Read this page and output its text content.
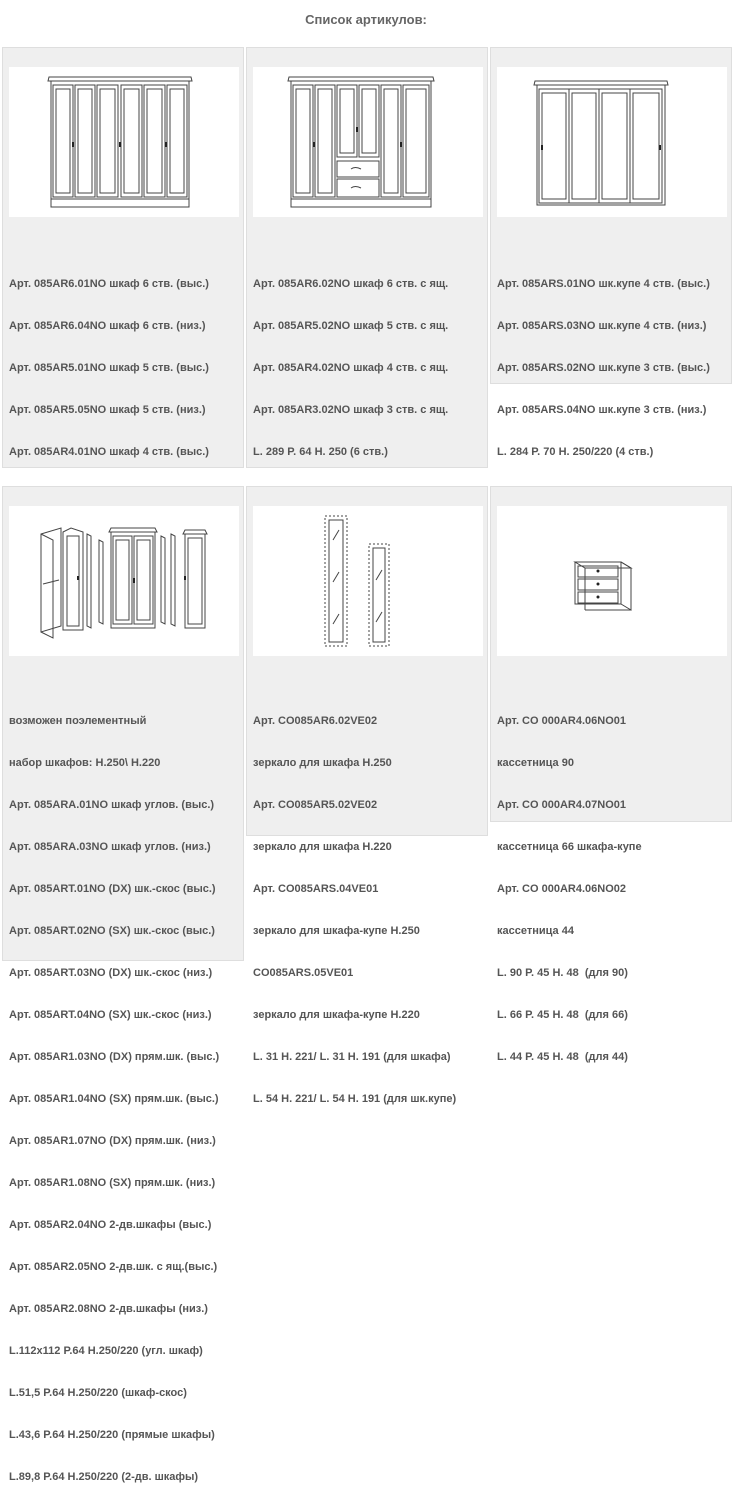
Список артикулов:

Арт. 085AR6.01NO шкаф 6 ств. (выс.)

Арт. 085AR6.04NO шкаф 6 ств. (низ.)

Арт. 085AR5.01NO шкаф 5 ств. (выс.)

Арт. 085AR5.05NO шкаф 5 ств. (низ.)

Арт. 085AR4.01NO шкаф 4 ств. (выс.)

Арт. 085AR6.02NO шкаф 6 ств. с ящ.

Арт. 085AR5.02NO шкаф 5 ств. с ящ.

Арт. 085AR4.02NO шкаф 4 ств. с ящ.

Арт. 085AR3.02NO шкаф 3 ств. с ящ.

L. 289 P. 64 H. 250 (6 ств.)

Арт. 085ARS.01NO шк.купе 4 ств. (выс.)

Арт. 085ARS.03NO шк.купе 4 ств. (низ.)

Арт. 085ARS.02NO шк.купе 3 ств. (выс.)

Арт. 085ARS.04NO шк.купе 3 ств. (низ.)

L. 284 P. 70 H. 250/220 (4 ств.)

возможен поэлементный

набор шкафов: H.250\ H.220

Арт. 085ARA.01NO шкаф углов. (выс.)

Арт. 085ARA.03NO шкаф углов. (низ.)

Арт. 085ART.01NO (DX) шк.-скос (выс.)

Арт. 085ART.02NO (SX) шк.-скос (выс.)

Арт. 085ART.03NO (DX) шк.-скос (низ.)

Арт. 085ART.04NO (SX) шк.-скос (низ.)

Арт. 085AR1.03NO (DX) прям.шк. (выс.)

Арт. 085AR1.04NO (SX) прям.шк. (выс.)

Арт. 085AR1.07NO (DX) прям.шк. (низ.)

Арт. 085AR1.08NO (SX) прям.шк. (низ.)

Арт. 085AR2.04NO 2-дв.шкафы (выс.)

Арт. 085AR2.05NO 2-дв.шк. с ящ.(выс.)

Арт. 085AR2.08NO 2-дв.шкафы (низ.)

L.112x112 P.64 H.250/220 (угл. шкаф)

L.51,5 P.64 H.250/220 (шкаф-скос)

L.43,6 P.64 H.250/220 (прямые шкафы)

L.89,8 P.64 H.250/220 (2-дв. шкафы)

Арт. CO085AR6.02VE02

зеркало для шкафа H.250

Арт. CO085AR5.02VE02

зеркало для шкафа H.220

Арт. CO085ARS.04VE01

зеркало для шкафа-купе H.250

CO085ARS.05VE01

зеркало для шкафа-купе H.220

L. 31 H. 221/ L. 31 H. 191 (для шкафа)

L. 54 H. 221/ L. 54 H. 191 (для шк.купе)

Арт. CO 000AR4.06NO01

кассетница 90

Арт. CO 000AR4.07NO01

кассетница 66 шкафа-купе

Арт. CO 000AR4.06NO02

кассетница 44

L. 90 P. 45 H. 48  (для 90)

L. 66 P. 45 H. 48  (для 66)

L. 44 P. 45 H. 48  (для 44)
